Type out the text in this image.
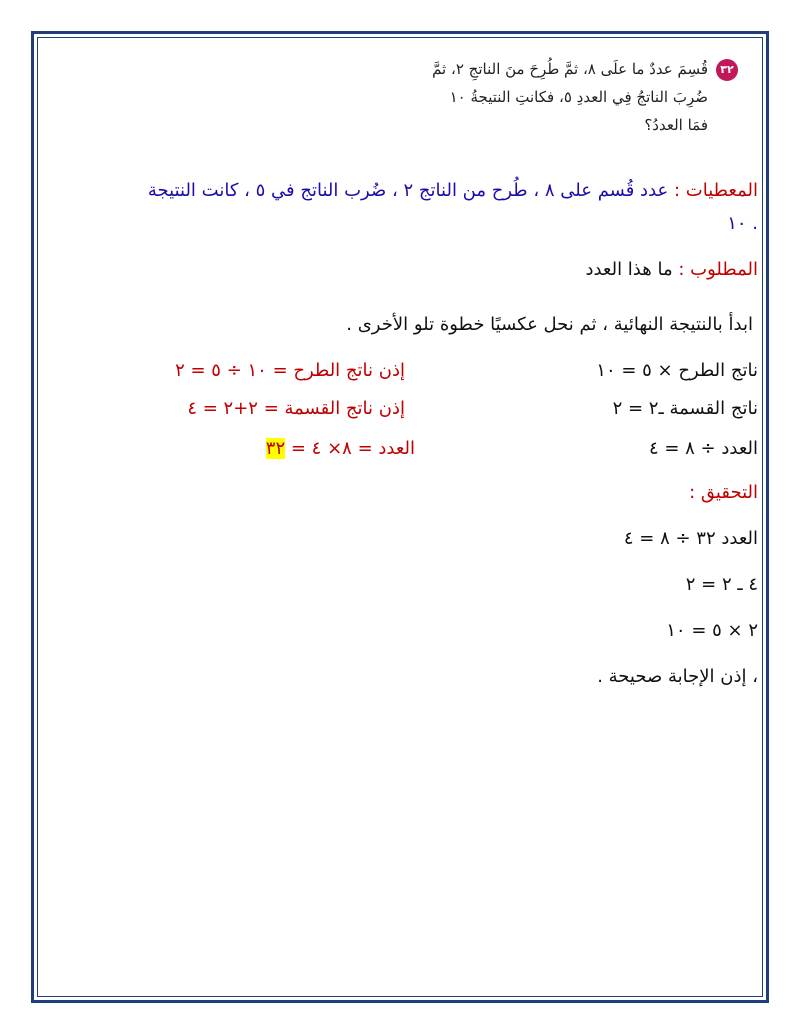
٣٢قُسِمَ عددٌ ما علَى ٨، ثمَّ طُرِحَ منَ الناتجِ ٢، ثمَّ
ضُرِبَ الناتجُ فِي العددِ ٥، فكانتِ النتيجةُ ١٠
فمَا العددُ؟
المعطيات : عدد قُسم على ٨ ، طُرح من الناتج ٢ ، ضُرب الناتج في ٥ ، كانت النتيجة
١٠ .
المطلوب : ما هذا العدد
ابدأ بالنتيجة النهائية ، ثم نحل عكسيًا خطوة تلو الأخرى .
ناتج الطرح × ٥ = ١٠
إذن ناتج الطرح = ١٠ ÷ ٥ = ٢
ناتج القسمة ـ٢ = ٢
إذن ناتج القسمة = ٢+٢ = ٤
العدد ÷ ٨ = ٤
العدد = ٨× ٤ = ٣٢
التحقيق :
العدد ٣٢ ÷ ٨ = ٤
٤ ـ ٢ = ٢
٢ × ٥ = ١٠
، إذن الإجابة صحيحة .
